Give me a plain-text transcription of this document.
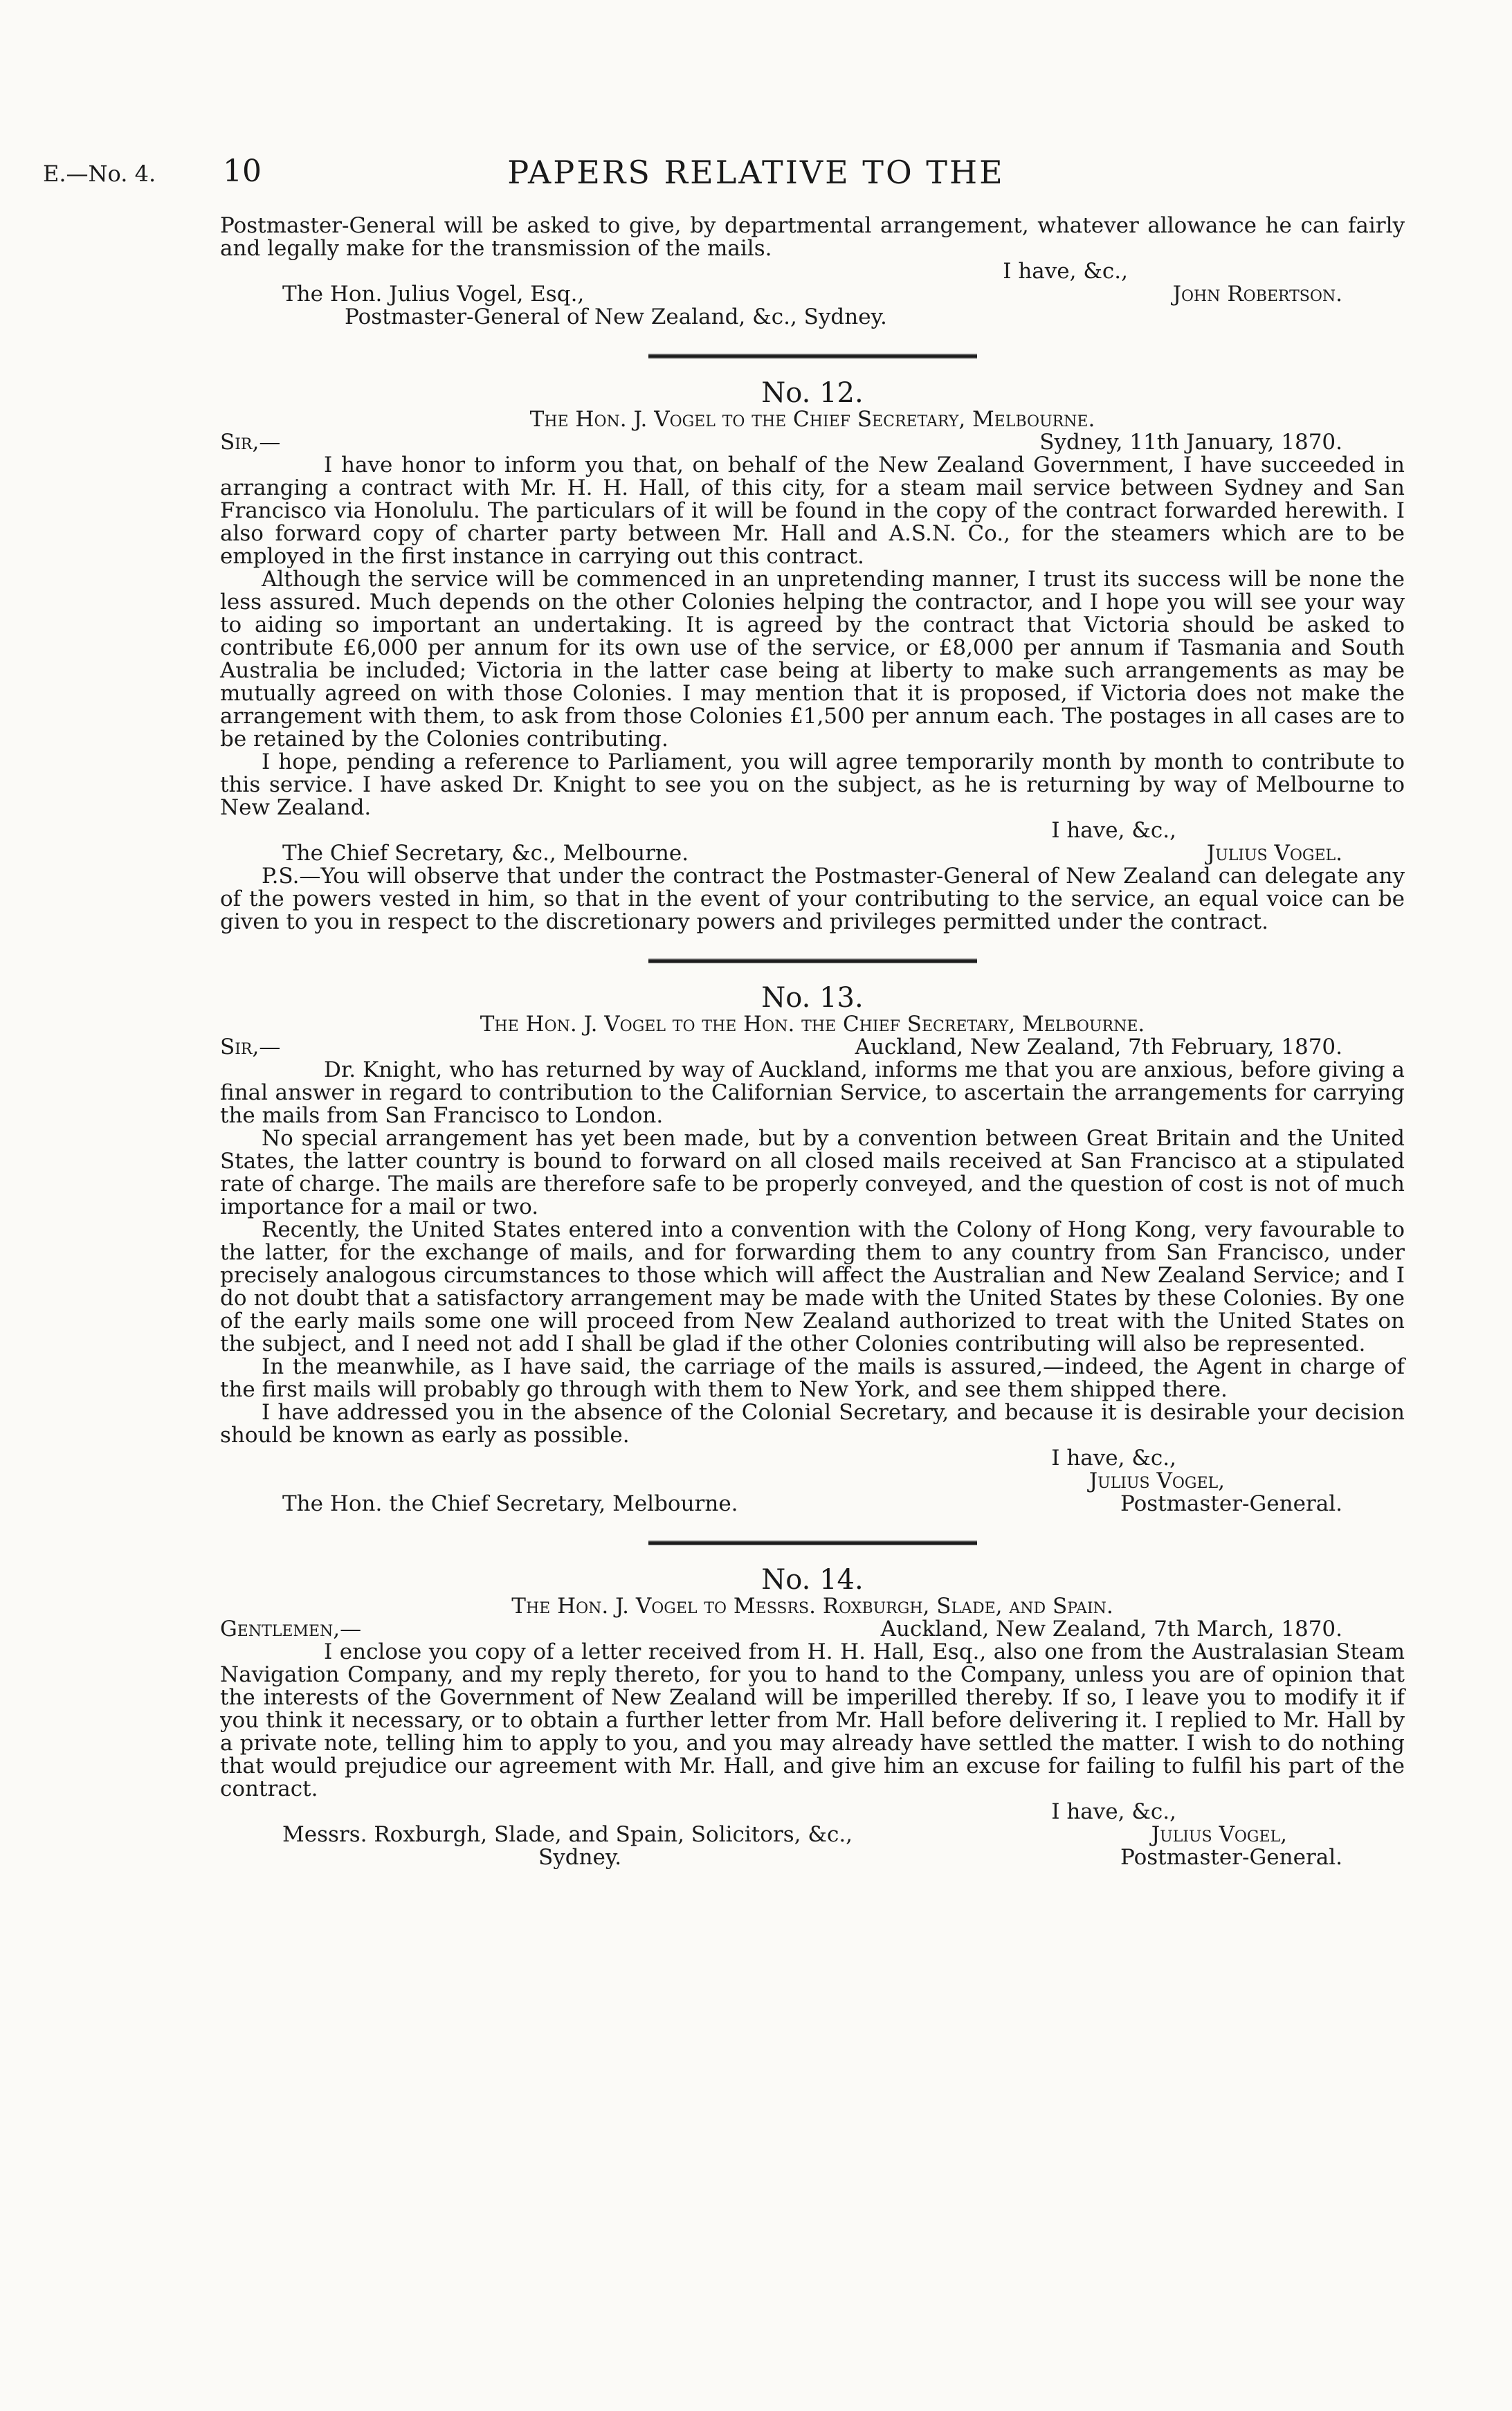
E.—No. 4. 10	PAPERS RELATIVE TO THE

Postmaster-General will be asked to give, by departmental arrangement, whatever allowance he can fairly and legally make for the transmission of the mails.

I have, &c.,

The Hon. Julius Vogel, Esq.,	John Robertson.

Postmaster-General of New Zealand, &c., Sydney.

No. 12.

The Hon. J. Vogel to the Chief Secretary, Melbourne.

Sir,—	Sydney, 11th January, 1870.

I have honor to inform you that, on behalf of the New Zealand Government, I have succeeded in arranging a contract with Mr. H. H. Hall, of this city, for a steam mail service between Sydney and San Francisco via Honolulu. The particulars of it will be found in the copy of the contract forwarded herewith. I also forward copy of charter party between Mr. Hall and A.S.N. Co., for the steamers which are to be employed in the first instance in carrying out this contract.

Although the service will be commenced in an unpretending manner, I trust its success will be none the less assured. Much depends on the other Colonies helping the contractor, and I hope you will see your way to aiding so important an undertaking. It is agreed by the contract that Victoria should be asked to contribute £6,000 per annum for its own use of the service, or £8,000 per annum if Tasmania and South Australia be included; Victoria in the latter case being at liberty to make such arrangements as may be mutually agreed on with those Colonies. I may mention that it is proposed, if Victoria does not make the arrangement with them, to ask from those Colonies £1,500 per annum each. The postages in all cases are to be retained by the Colonies contributing.

I hope, pending a reference to Parliament, you will agree temporarily month by month to contribute to this service. I have asked Dr. Knight to see you on the subject, as he is returning by way of Melbourne to New Zealand.

I have, &c.,

The Chief Secretary, &c., Melbourne.	Julius Vogel.

P.S.—You will observe that under the contract the Postmaster-General of New Zealand can delegate any of the powers vested in him, so that in the event of your contributing to the service, an equal voice can be given to you in respect to the discretionary powers and privileges permitted under the contract.

No. 13.

The Hon. J. Vogel to the Hon. the Chief Secretary, Melbourne.

Sir,—	Auckland, New Zealand, 7th February, 1870.

Dr. Knight, who has returned by way of Auckland, informs me that you are anxious, before giving a final answer in regard to contribution to the Californian Service, to ascertain the arrangements for carrying the mails from San Francisco to London.

No special arrangement has yet been made, but by a convention between Great Britain and the United States, the latter country is bound to forward on all closed mails received at San Francisco at a stipulated rate of charge. The mails are therefore safe to be properly conveyed, and the question of cost is not of much importance for a mail or two.

Recently, the United States entered into a convention with the Colony of Hong Kong, very favourable to the latter, for the exchange of mails, and for forwarding them to any country from San Francisco, under precisely analogous circumstances to those which will affect the Australian and New Zealand Service; and I do not doubt that a satisfactory arrangement may be made with the United States by these Colonies. By one of the early mails some one will proceed from New Zealand authorized to treat with the United States on the subject, and I need not add I shall be glad if the other Colonies contributing will also be represented.

In the meanwhile, as I have said, the carriage of the mails is assured,—indeed, the Agent in charge of the first mails will probably go through with them to New York, and see them shipped there.

I have addressed you in the absence of the Colonial Secretary, and because it is desirable your decision should be known as early as possible.

I have, &c.,

Julius Vogel,

The Hon. the Chief Secretary, Melbourne.	Postmaster-General.

No. 14.

The Hon. J. Vogel to Messrs. Roxburgh, Slade, and Spain.

Gentlemen,—	Auckland, New Zealand, 7th March, 1870.

I enclose you copy of a letter received from H. H. Hall, Esq., also one from the Australasian Steam Navigation Company, and my reply thereto, for you to hand to the Company, unless you are of opinion that the interests of the Government of New Zealand will be imperilled thereby. If so, I leave you to modify it if you think it necessary, or to obtain a further letter from Mr. Hall before delivering it. I replied to Mr. Hall by a private note, telling him to apply to you, and you may already have settled the matter. I wish to do nothing that would prejudice our agreement with Mr. Hall, and give him an excuse for failing to fulfil his part of the contract.

I have, &c.,

Messrs. Roxburgh, Slade, and Spain, Solicitors, &c.,	Julius Vogel,
Sydney.	Postmaster-General.
